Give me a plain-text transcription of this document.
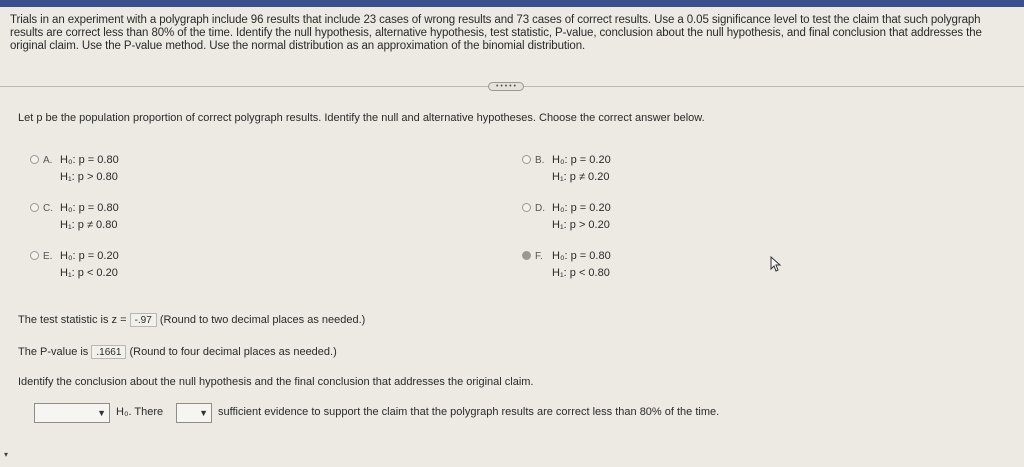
Trials in an experiment with a polygraph include 96 results that include 23 cases of wrong results and 73 cases of correct results. Use a 0.05 significance level to test the claim that such polygraph results are correct less than 80% of the time. Identify the null hypothesis, alternative hypothesis, test statistic, P-value, conclusion about the null hypothesis, and final conclusion that addresses the original claim. Use the P-value method. Use the normal distribution as an approximation of the binomial distribution.
• • • • •
Let p be the population proportion of correct polygraph results. Identify the null and alternative hypotheses. Choose the correct answer below.
A. H₀: p = 0.80
H₁: p > 0.80
B. H₀: p = 0.20
H₁: p ≠ 0.20
C. H₀: p = 0.80
H₁: p ≠ 0.80
D. H₀: p = 0.20
H₁: p > 0.20
E. H₀: p = 0.20
H₁: p < 0.20
F. H₀: p = 0.80
H₁: p < 0.80
The test statistic is z = -.97 (Round to two decimal places as needed.)
The P-value is .1661 (Round to four decimal places as needed.)
Identify the conclusion about the null hypothesis and the final conclusion that addresses the original claim.
▼ H₀. There	▼ sufficient evidence to support the claim that the polygraph results are correct less than 80% of the time.
▾
